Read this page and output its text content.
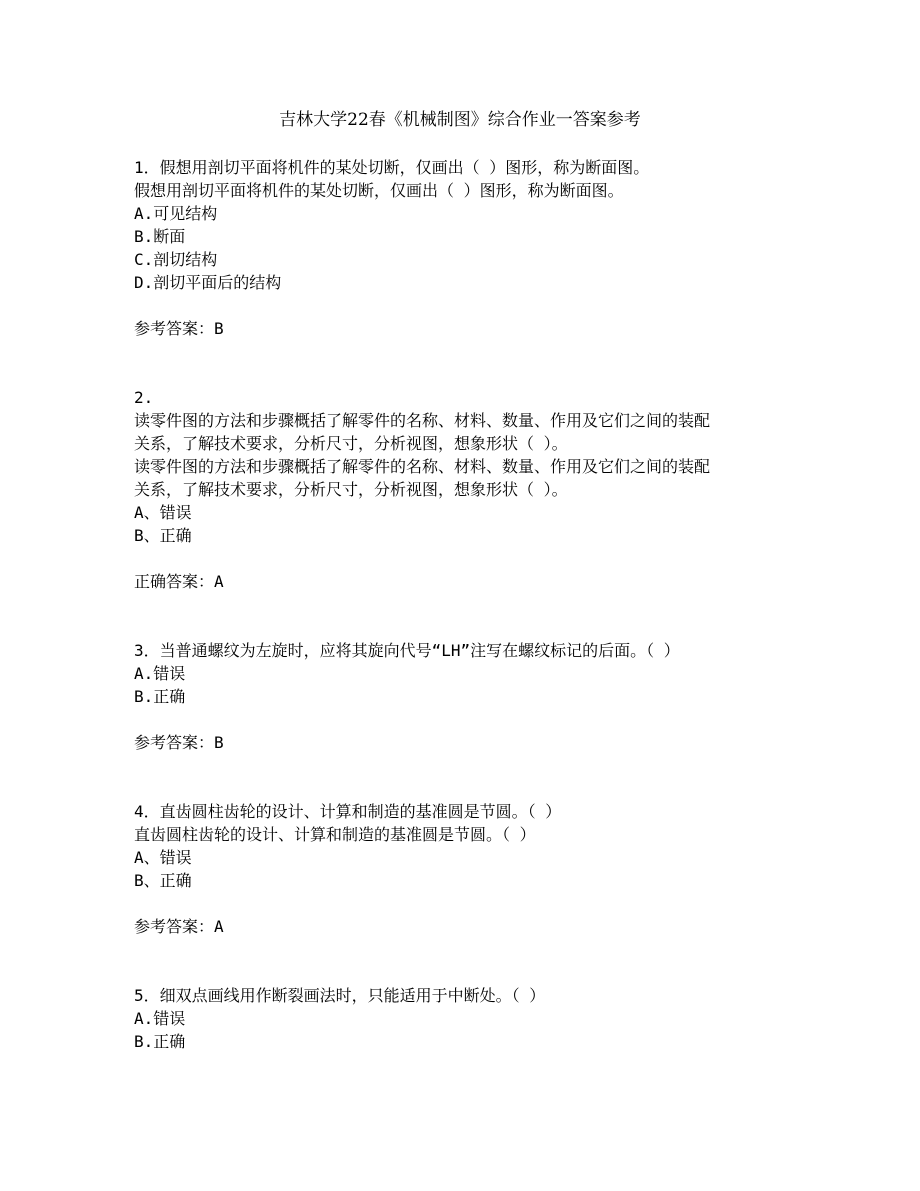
吉林大学22春《机械制图》综合作业一答案参考
1．假想用剖切平面将机件的某处切断，仅画出（ ）图形，称为断面图。
假想用剖切平面将机件的某处切断，仅画出（ ）图形，称为断面图。
A.可见结构
B.断面
C.剖切结构
D.剖切平面后的结构
参考答案：B
2.
读零件图的方法和步骤概括了解零件的名称、材料、数量、作用及它们之间的装配
关系，了解技术要求，分析尺寸，分析视图，想象形状（ ）。
读零件图的方法和步骤概括了解零件的名称、材料、数量、作用及它们之间的装配
关系，了解技术要求，分析尺寸，分析视图，想象形状（ ）。
A、错误
B、正确
正确答案：A
3．当普通螺纹为左旋时，应将其旋向代号“LH”注写在螺纹标记的后面。（ ）
A.错误
B.正确
参考答案：B
4．直齿圆柱齿轮的设计、计算和制造的基准圆是节圆。（ ）
直齿圆柱齿轮的设计、计算和制造的基准圆是节圆。（ ）
A、错误
B、正确
参考答案：A
5．细双点画线用作断裂画法时，只能适用于中断处。（ ）
A.错误
B.正确
